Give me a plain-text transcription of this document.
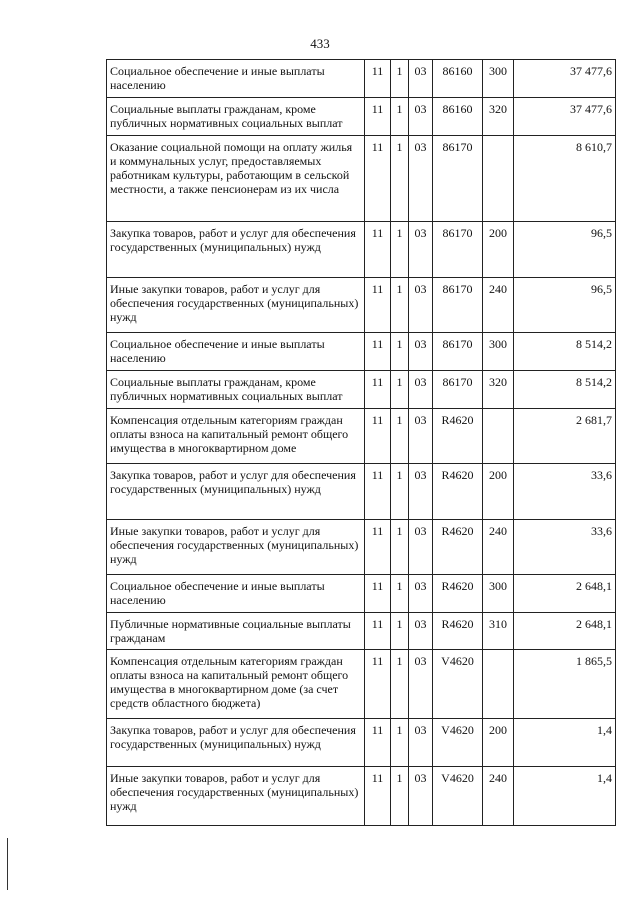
433
Социальное обеспечение и иные выплаты населению	11	1	03	86160	300	37 477,6
Социальные выплаты гражданам, кроме публичных нормативных социальных выплат	11	1	03	86160	320	37 477,6
Оказание социальной помощи на оплату жилья и коммунальных услуг, предоставляемых работникам культуры, работающим в сельской местности, а также пенсионерам из их числа	11	1	03	86170		8 610,7
Закупка товаров, работ и услуг для обеспечения государственных (муниципальных) нужд	11	1	03	86170	200	96,5
Иные закупки товаров, работ и услуг для обеспечения государственных (муниципальных) нужд	11	1	03	86170	240	96,5
Социальное обеспечение и иные выплаты населению	11	1	03	86170	300	8 514,2
Социальные выплаты гражданам, кроме публичных нормативных социальных выплат	11	1	03	86170	320	8 514,2
Компенсация отдельным категориям граждан оплаты взноса на капитальный ремонт общего имущества в многоквартирном доме	11	1	03	R4620		2 681,7
Закупка товаров, работ и услуг для обеспечения государственных (муниципальных) нужд	11	1	03	R4620	200	33,6
Иные закупки товаров, работ и услуг для обеспечения государственных (муниципальных) нужд	11	1	03	R4620	240	33,6
Социальное обеспечение и иные выплаты населению	11	1	03	R4620	300	2 648,1
Публичные нормативные социальные выплаты гражданам	11	1	03	R4620	310	2 648,1
Компенсация отдельным категориям граждан оплаты взноса на капитальный ремонт общего имущества в многоквартирном доме (за счет средств областного бюджета)	11	1	03	V4620		1 865,5
Закупка товаров, работ и услуг для обеспечения государственных (муниципальных) нужд	11	1	03	V4620	200	1,4
Иные закупки товаров, работ и услуг для обеспечения государственных (муниципальных) нужд	11	1	03	V4620	240	1,4
